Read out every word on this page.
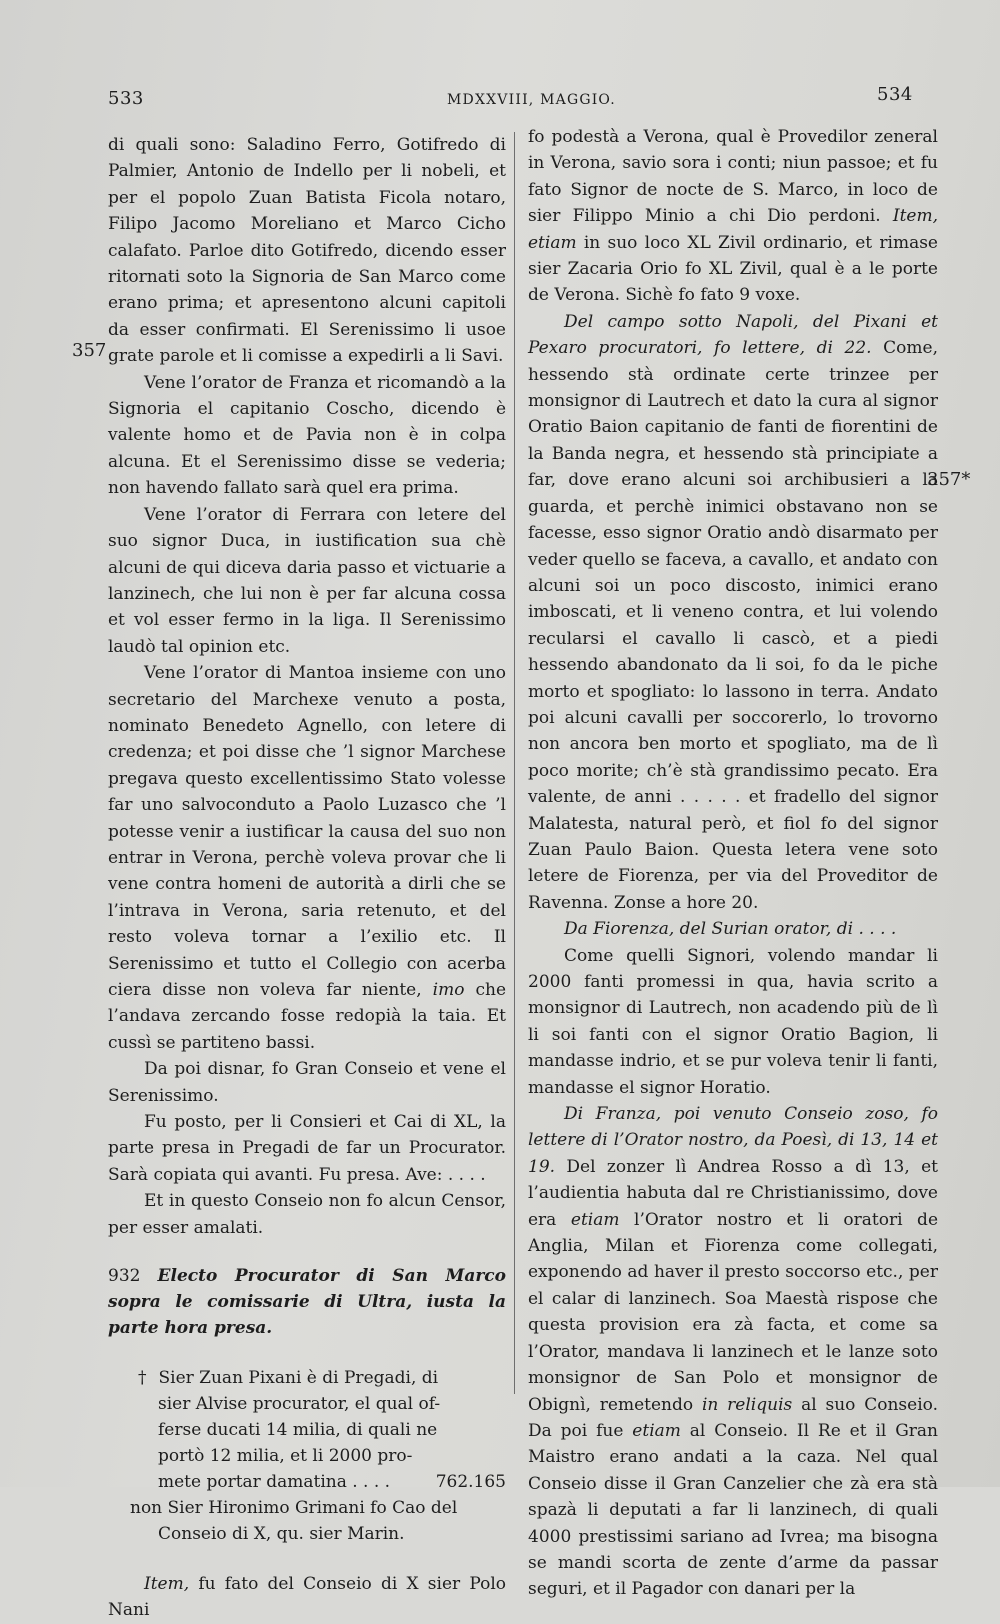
533	MDXXVIII, MAGGIO.	534
357
357*

di quali sono: Saladino Ferro, Gotifredo di Palmier, Antonio de Indello per li nobeli, et per el popolo Zuan Batista Ficola notaro, Filipo Jacomo Moreliano et Marco Cicho calafato. Parloe dito Gotifredo, dicendo esser ritornati soto la Signoria de San Marco come erano prima; et apresentono alcuni capitoli da esser confirmati. El Serenissimo li usoe grate parole et li comisse a expedirli a li Savi.

Vene l’orator de Franza et ricomandò a la Signoria el capitanio Coscho, dicendo è valente homo et de Pavia non è in colpa alcuna. Et el Serenissimo disse se vederia; non havendo fallato sarà quel era prima.

Vene l’orator di Ferrara con letere del suo signor Duca, in iustification sua chè alcuni de qui diceva daria passo et victuarie a lanzinech, che lui non è per far alcuna cossa et vol esser fermo in la liga. Il Serenissimo laudò tal opinion etc.

Vene l’orator di Mantoa insieme con uno secretario del Marchexe venuto a posta, nominato Benedeto Agnello, con letere di credenza; et poi disse che ’l signor Marchese pregava questo excellentissimo Stato volesse far uno salvoconduto a Paolo Luzasco che ’l potesse venir a iustificar la causa del suo non entrar in Verona, perchè voleva provar che li vene contra homeni de autorità a dirli che se l’intrava in Verona, saria retenuto, et del resto voleva tornar a l’exilio etc. Il Serenissimo et tutto el Collegio con acerba ciera disse non voleva far niente, imo che l’andava zercando fosse redopià la taia. Et cussì se partiteno bassi.

Da poi disnar, fo Gran Conseio et vene el Serenissimo.

Fu posto, per li Consieri et Cai di XL, la parte presa in Pregadi de far un Procurator. Sarà copiata qui avanti. Fu presa. Ave: . . . .

Et in questo Conseio non fo alcun Censor, per esser amalati.

932 Electo Procurator di San Marco sopra le comissarie di Ultra, iusta la parte hora presa.

† Sier Zuan Pixani è di Pregadi, di
sier Alvise procurator, el qual of-
ferse ducati 14 milia, di quali ne
portò 12 milia, et li 2000 pro-
mete portar damatina . . . .	762.165
non Sier Hironimo Grimani fo Cao del
Conseio di X, qu. sier Marin.

Item, fu fato del Conseio di X sier Polo Nani

fo podestà a Verona, qual è Provedilor zeneral in Verona, savio sora i conti; niun passoe; et fu fato Signor de nocte de S. Marco, in loco de sier Filippo Minio a chi Dio perdoni. Item, etiam in suo loco XL Zivil ordinario, et rimase sier Zacaria Orio fo XL Zivil, qual è a le porte de Verona. Sichè fo fato 9 voxe.

Del campo sotto Napoli, del Pixani et Pexaro procuratori, fo lettere, di 22. Come, hessendo stà ordinate certe trinzee per monsignor di Lautrech et dato la cura al signor Oratio Baion capitanio de fanti de fiorentini de la Banda negra, et hessendo stà principiate a far, dove erano alcuni soi archibusieri a la guarda, et perchè inimici obstavano non se facesse, esso signor Oratio andò disarmato per veder quello se faceva, a cavallo, et andato con alcuni soi un poco discosto, inimici erano imboscati, et li veneno contra, et lui volendo recularsi el cavallo li cascò, et a piedi hessendo abandonato da li soi, fo da le piche morto et spogliato: lo lassono in terra. Andato poi alcuni cavalli per soccorerlo, lo trovorno non ancora ben morto et spogliato, ma de lì poco morite; ch’è stà grandissimo pecato. Era valente, de anni . . . . . et fradello del signor Malatesta, natural però, et fiol fo del signor Zuan Paulo Baion. Questa letera vene soto letere de Fiorenza, per via del Proveditor de Ravenna. Zonse a hore 20.

Da Fiorenza, del Surian orator, di . . . .

Come quelli Signori, volendo mandar li 2000 fanti promessi in qua, havia scrito a monsignor di Lautrech, non acadendo più de lì li soi fanti con el signor Oratio Bagion, li mandasse indrio, et se pur voleva tenir li fanti, mandasse el signor Horatio.

Di Franza, poi venuto Conseio zoso, fo lettere di l’Orator nostro, da Poesì, di 13, 14 et 19. Del zonzer lì Andrea Rosso a dì 13, et l’audientia habuta dal re Christianissimo, dove era etiam l’Orator nostro et li oratori de Anglia, Milan et Fiorenza come collegati, exponendo ad haver il presto soccorso etc., per el calar di lanzinech. Soa Maestà rispose che questa provision era zà facta, et come sa l’Orator, mandava li lanzinech et le lanze soto monsignor de San Polo et monsignor de Obignì, remetendo in reliquis al suo Conseio. Da poi fue etiam al Conseio. Il Re et il Gran Maistro erano andati a la caza. Nel qual Conseio disse il Gran Canzelier che zà era stà spazà li deputati a far li lanzinech, di quali 4000 prestissimi sariano ad Ivrea; ma bisogna se mandi scorta de zente d’arme da passar seguri, et il Pagador con danari per la
